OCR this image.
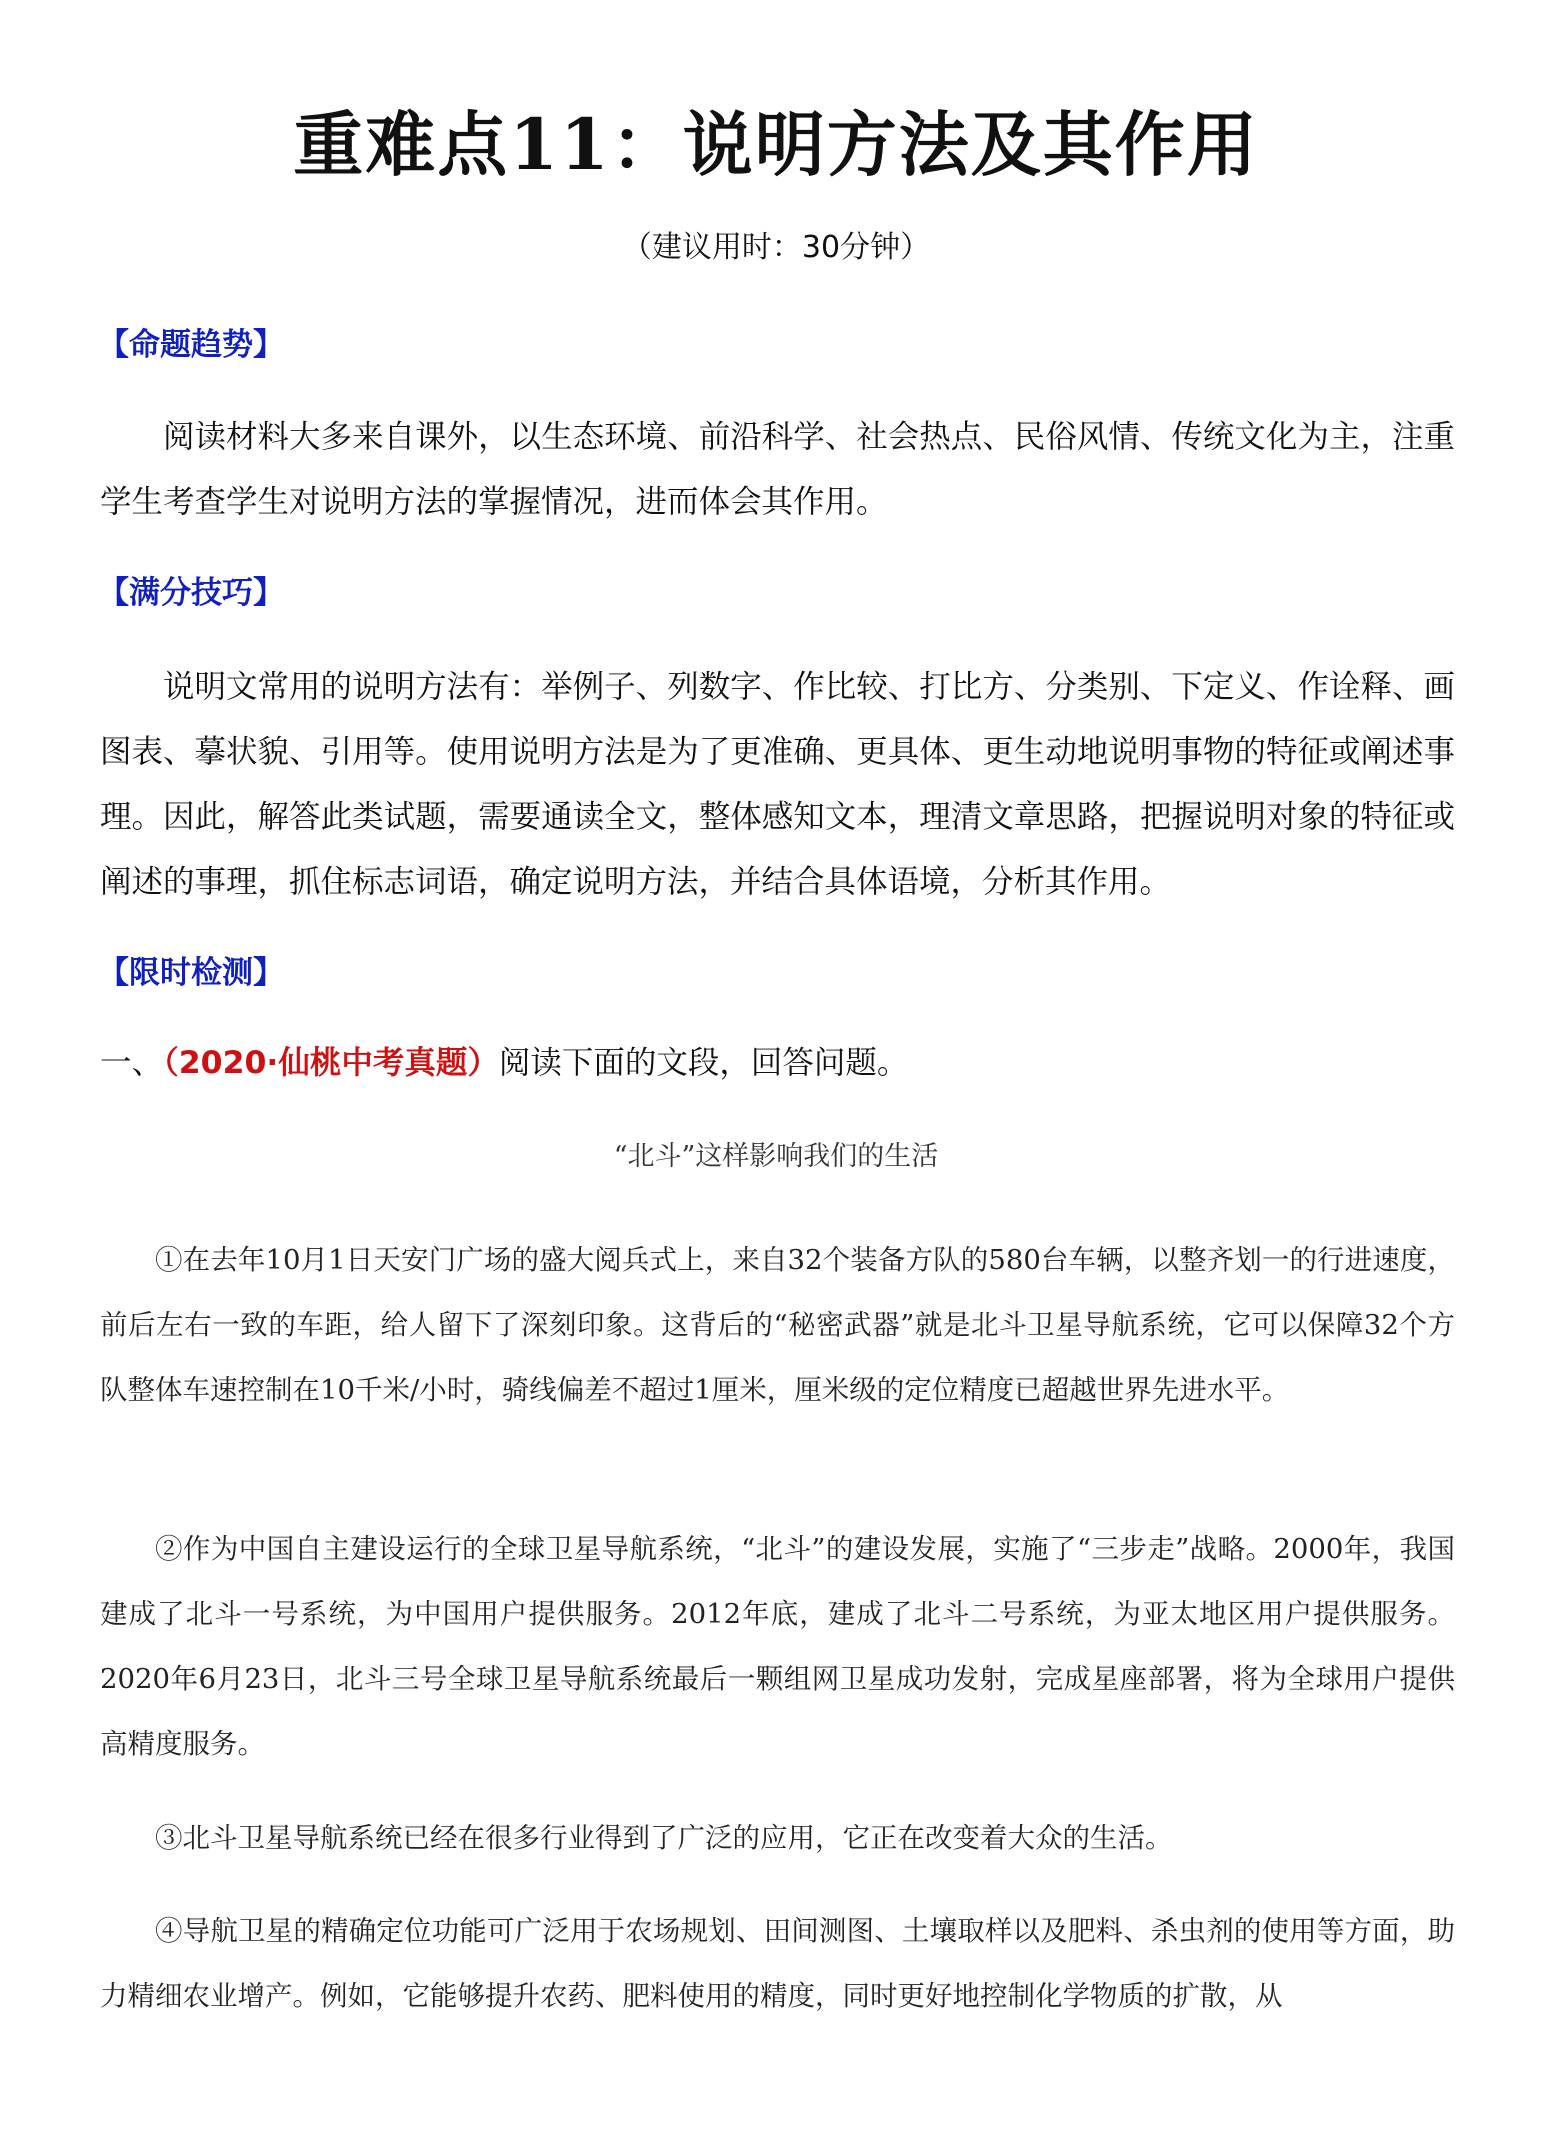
重难点11：说明方法及其作用
（建议用时：30分钟）
【命题趋势】

阅读材料大多来自课外，以生态环境、前沿科学、社会热点、民俗风情、传统文化为主，注重学生考查学生对说明方法的掌握情况，进而体会其作用。

【满分技巧】

说明文常用的说明方法有：举例子、列数字、作比较、打比方、分类别、下定义、作诠释、画图表、摹状貌、引用等。使用说明方法是为了更准确、更具体、更生动地说明事物的特征或阐述事理。因此，解答此类试题，需要通读全文，整体感知文本，理清文章思路，把握说明对象的特征或阐述的事理，抓住标志词语，确定说明方法，并结合具体语境，分析其作用。

【限时检测】
一、（2020·仙桃中考真题）阅读下面的文段，回答问题。
“北斗”这样影响我们的生活

①在去年10月1日天安门广场的盛大阅兵式上，来自32个装备方队的580台车辆，以整齐划一的行进速度，前后左右一致的车距，给人留下了深刻印象。这背后的“秘密武器”就是北斗卫星导航系统，它可以保障32个方队整体车速控制在10千米/小时，骑线偏差不超过1厘米，厘米级的定位精度已超越世界先进水平。

②作为中国自主建设运行的全球卫星导航系统，“北斗”的建设发展，实施了“三步走”战略。2000年，我国建成了北斗一号系统，为中国用户提供服务。2012年底，建成了北斗二号系统，为亚太地区用户提供服务。2020年6月23日，北斗三号全球卫星导航系统最后一颗组网卫星成功发射，完成星座部署，将为全球用户提供高精度服务。

③北斗卫星导航系统已经在很多行业得到了广泛的应用，它正在改变着大众的生活。

④导航卫星的精确定位功能可广泛用于农场规划、田间测图、土壤取样以及肥料、杀虫剂的使用等方面，助力精细农业增产。例如，它能够提升农药、肥料使用的精度，同时更好地控制化学物质的扩散，从
